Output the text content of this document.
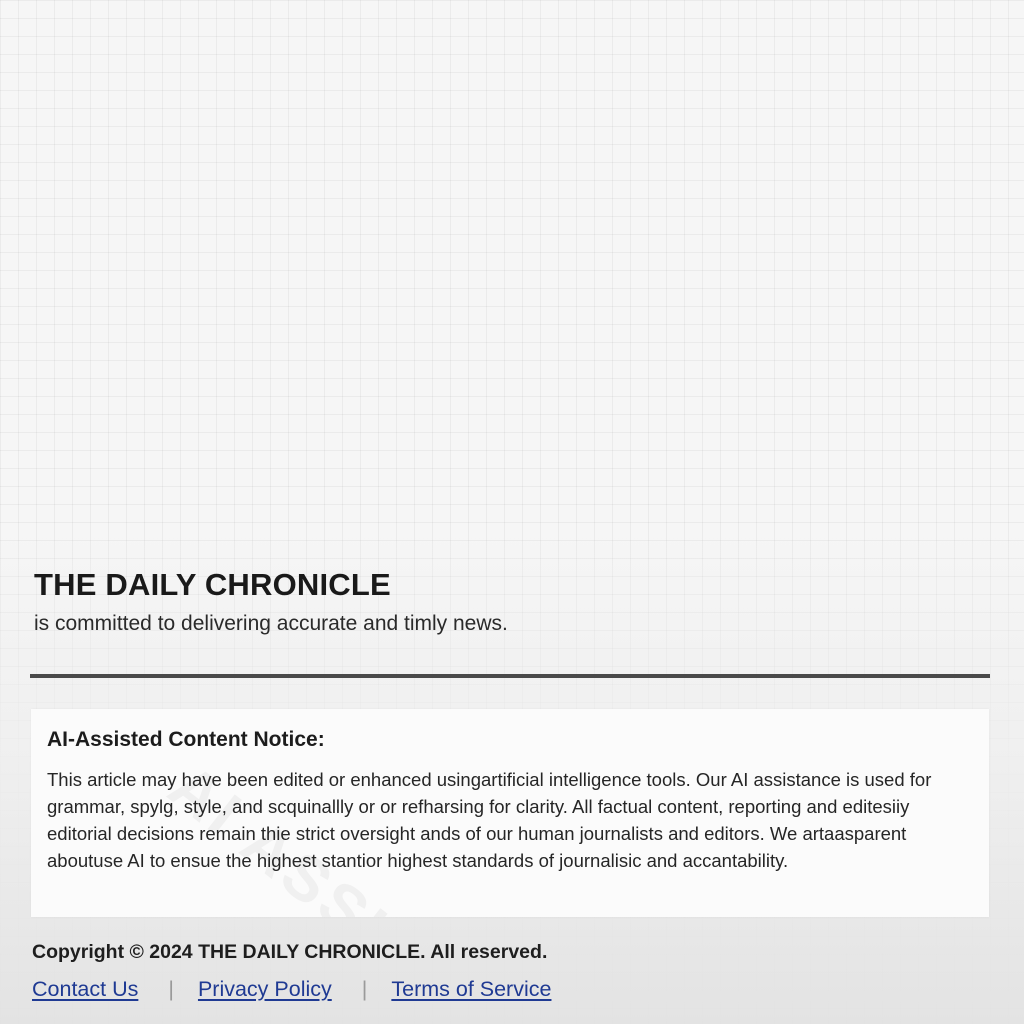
THE DAILY CHRONICLE

is committed to delivering accurate and timly news.

AI-Assisted Content Notice:

This article may have been edited or enhanced usingartificial intelligence tools. Our AI assistance is used for grammar, spylg, style, and scquinallly or or refharsing for clarity. All factual content, reporting and editesiiy editorial decisions remain thie strict oversight ands of our human journalists and editors. We artaasparent aboutuse AI to ensue the highest stantior highest standards of journalisic and accantability.

Copyright © 2024 THE DAILY CHRONICLE. All reserved.

Contact Us | Privacy Policy | Terms of Service
